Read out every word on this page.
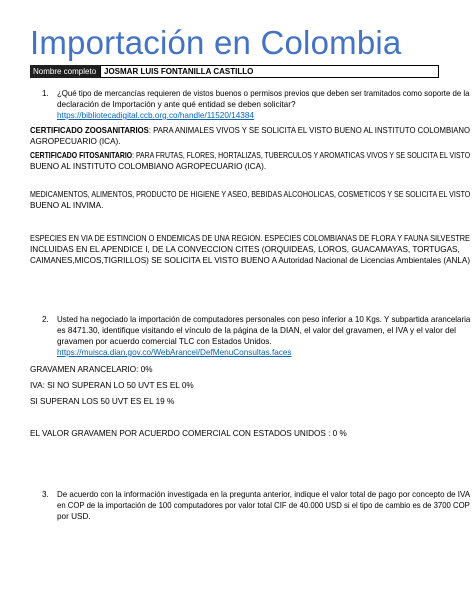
Importación en Colombia
Nombre completo JOSMAR LUIS FONTANILLA CASTILLO
1. ¿Qué tipo de mercancías requieren de vistos buenos o permisos previos que deben ser tramitados como soporte de la
declaración de Importación y ante qué entidad se deben solicitar?
https://bibliotecadigital.ccb.org.co/handle/11520/14384
CERTIFICADO ZOOSANITARIOS: PARA ANIMALES VIVOS Y SE SOLICITA EL VISTO BUENO AL INSTITUTO COLOMBIANO
AGROPECUARIO (ICA).
CERTIFICADO FITOSANITARIO: PARA FRUTAS, FLORES, HORTALIZAS, TUBERCULOS Y AROMATICAS VIVOS Y SE SOLICITA EL VISTO
BUENO AL INSTITUTO COLOMBIANO AGROPECUARIO (ICA).
MEDICAMENTOS, ALIMENTOS, PRODUCTO DE HIGIENE Y ASEO, BEBIDAS ALCOHOLICAS, COSMETICOS Y SE SOLICITA EL VISTO
BUENO AL INVIMA.
ESPECIES EN VIA DE ESTINCION O ENDEMICAS DE UNA REGION. ESPECIES COLOMBIANAS DE FLORA Y FAUNA SILVESTRE
INCLUIDAS EN EL APENDICE I, DE LA CONVECCION CITES (ORQUIDEAS, LOROS, GUACAMAYAS, TORTUGAS,
CAIMANES,MICOS,TIGRILLOS) SE SOLICITA EL VISTO BUENO A Autoridad Nacional de Licencias Ambientales (ANLA)
2. Usted ha negociado la importación de computadores personales con peso inferior a 10 Kgs. Y subpartida arancelaria
es 8471.30, identifique visitando el vínculo de la página de la DIAN, el valor del gravamen, el IVA y el valor del
gravamen por acuerdo comercial TLC con Estados Unidos.
https://muisca.dian.gov.co/WebArancel/DefMenuConsultas.faces
GRAVAMEN ARANCELARIO: 0%
IVA: SI NO SUPERAN LO 50 UVT ES EL 0%
SI SUPERAN LOS 50 UVT ES EL 19 %
EL VALOR GRAVAMEN POR ACUERDO COMERCIAL CON ESTADOS UNIDOS : 0 %
3. De acuerdo con la información investigada en la pregunta anterior, indique el valor total de pago por concepto de IVA
en COP de la importación de 100 computadores por valor total CIF de 40.000 USD si el tipo de cambio es de 3700 COP
por USD.
